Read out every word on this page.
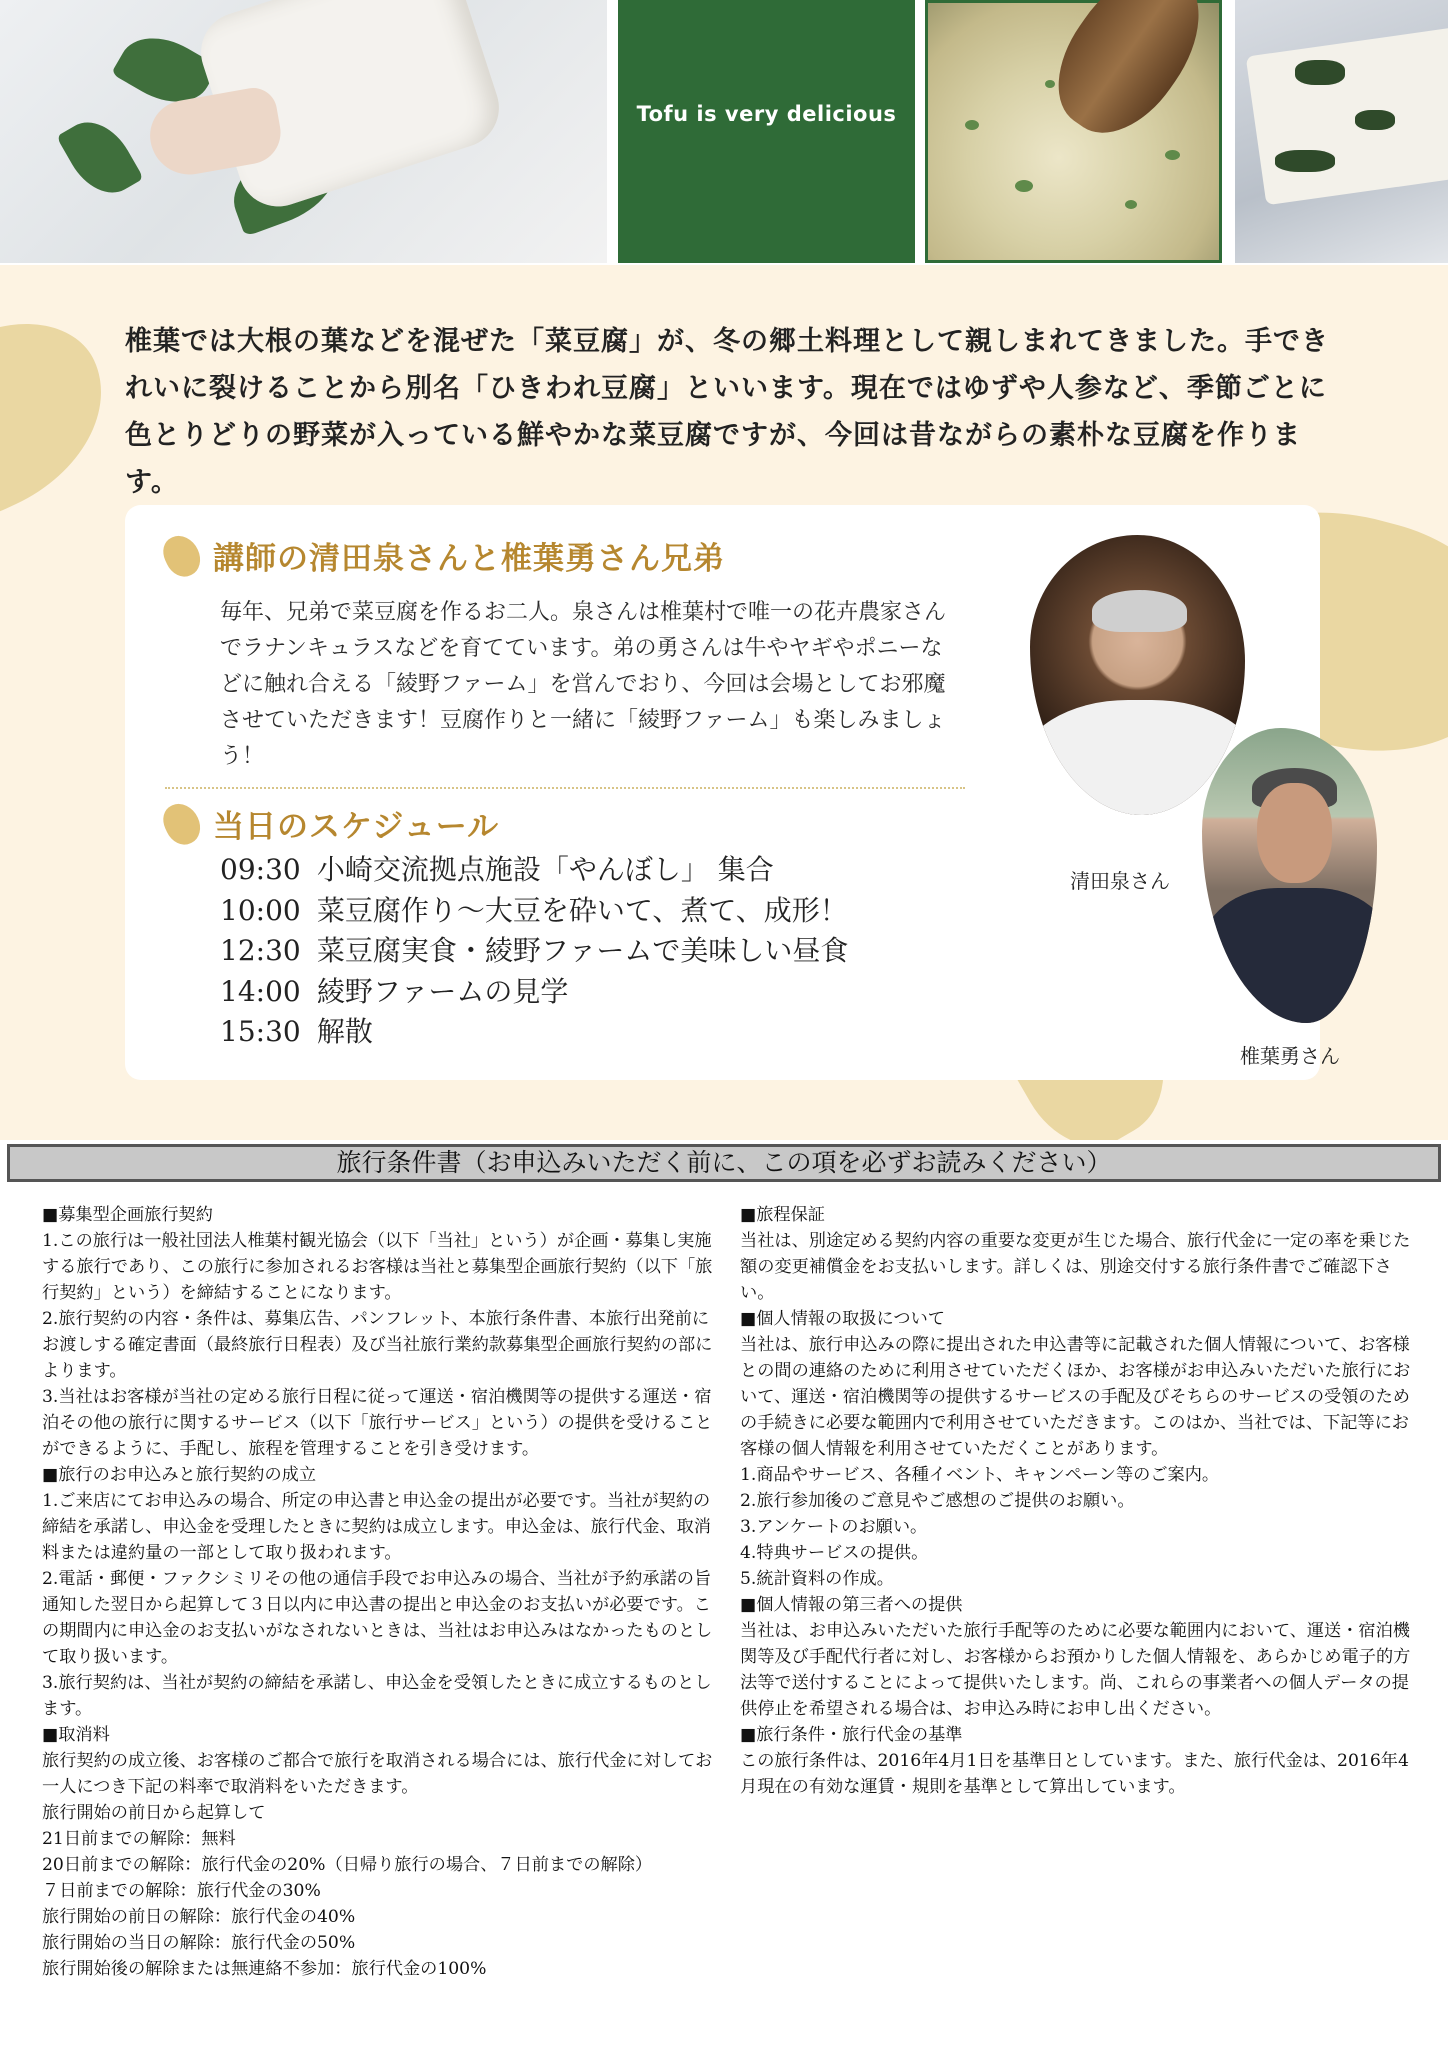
Tofu is very delicious
椎葉では大根の葉などを混ぜた「菜豆腐」が、冬の郷土料理として親しまれてきました。手できれいに裂けることから別名「ひきわれ豆腐」といいます。現在ではゆずや人参など、季節ごとに色とりどりの野菜が入っている鮮やかな菜豆腐ですが、今回は昔ながらの素朴な豆腐を作ります。
講師の清田泉さんと椎葉勇さん兄弟
毎年、兄弟で菜豆腐を作るお二人。泉さんは椎葉村で唯一の花卉農家さんでラナンキュラスなどを育てています。弟の勇さんは牛やヤギやポニーなどに触れ合える「綾野ファーム」を営んでおり、今回は会場としてお邪魔させていただきます！豆腐作りと一緒に「綾野ファーム」も楽しみましょう！
当日のスケジュール
09:30 小崎交流拠点施設「やんぼし」 集合
10:00 菜豆腐作り～大豆を砕いて、煮て、成形！
12:30 菜豆腐実食・綾野ファームで美味しい昼食
14:00 綾野ファームの見学
15:30 解散
清田泉さん
椎葉勇さん
旅行条件書（お申込みいただく前に、この項を必ずお読みください）

■募集型企画旅行契約

1.この旅行は一般社団法人椎葉村観光協会（以下「当社」という）が企画・募集し実施する旅行であり、この旅行に参加されるお客様は当社と募集型企画旅行契約（以下「旅行契約」という）を締結することになります。

2.旅行契約の内容・条件は、募集広告、パンフレット、本旅行条件書、本旅行出発前にお渡しする確定書面（最終旅行日程表）及び当社旅行業約款募集型企画旅行契約の部によります。

3.当社はお客様が当社の定める旅行日程に従って運送・宿泊機関等の提供する運送・宿泊その他の旅行に関するサービス（以下「旅行サービス」という）の提供を受けることができるように、手配し、旅程を管理することを引き受けます。

■旅行のお申込みと旅行契約の成立

1.ご来店にてお申込みの場合、所定の申込書と申込金の提出が必要です。当社が契約の締結を承諾し、申込金を受理したときに契約は成立します。申込金は、旅行代金、取消料または違約量の一部として取り扱われます。

2.電話・郵便・ファクシミリその他の通信手段でお申込みの場合、当社が予約承諾の旨通知した翌日から起算して３日以内に申込書の提出と申込金のお支払いが必要です。この期間内に申込金のお支払いがなされないときは、当社はお申込みはなかったものとして取り扱います。

3.旅行契約は、当社が契約の締結を承諾し、申込金を受領したときに成立するものとします。

■取消料

旅行契約の成立後、お客様のご都合で旅行を取消される場合には、旅行代金に対してお一人につき下記の料率で取消料をいただきます。

旅行開始の前日から起算して

21日前までの解除：無料

20日前までの解除：旅行代金の20%（日帰り旅行の場合、７日前までの解除）

７日前までの解除：旅行代金の30%

旅行開始の前日の解除：旅行代金の40%

旅行開始の当日の解除：旅行代金の50%

旅行開始後の解除または無連絡不参加：旅行代金の100%

■旅程保証

当社は、別途定める契約内容の重要な変更が生じた場合、旅行代金に一定の率を乗じた額の変更補償金をお支払いします。詳しくは、別途交付する旅行条件書でご確認下さい。

■個人情報の取扱について

当社は、旅行申込みの際に提出された申込書等に記載された個人情報について、お客様との間の連絡のために利用させていただくほか、お客様がお申込みいただいた旅行において、運送・宿泊機関等の提供するサービスの手配及びそちらのサービスの受領のための手続きに必要な範囲内で利用させていただきます。このはか、当社では、下記等にお客様の個人情報を利用させていただくことがあります。

1.商品やサービス、各種イベント、キャンペーン等のご案内。

2.旅行参加後のご意見やご感想のご提供のお願い。

3.アンケートのお願い。

4.特典サービスの提供。

5.統計資料の作成。

■個人情報の第三者への提供

当社は、お申込みいただいた旅行手配等のために必要な範囲内において、運送・宿泊機関等及び手配代行者に対し、お客様からお預かりした個人情報を、あらかじめ電子的方法等で送付することによって提供いたします。尚、これらの事業者への個人データの提供停止を希望される場合は、お申込み時にお申し出ください。

■旅行条件・旅行代金の基準

この旅行条件は、2016年4月1日を基準日としています。また、旅行代金は、2016年4月現在の有効な運賃・規則を基準として算出しています。
